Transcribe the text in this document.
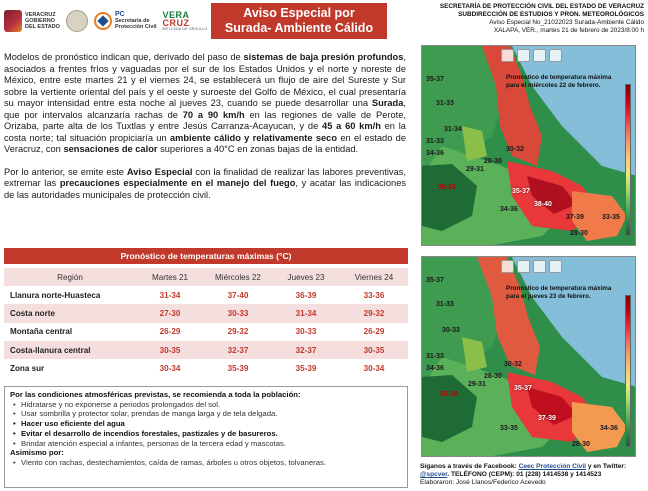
VERACRUZ
GOBIERNO
DEL ESTADO
PC
Secretaría de
Protección Civil
VERA
CRUZ
ME LLENA DE ORGULLO
Aviso Especial por
Surada- Ambiente Cálido
SECRETARÍA DE PROTECCIÓN CIVIL DEL ESTADO DE VERACRUZ
SUBDIRECCIÓN DE ESTUDIOS Y PRON. METEOROLÓGICOS
Aviso Especial No_21022023 Surada-Ambiente Cálido
XALAPA, VER., martes 21 de febrero de 2023/8:00 h

Modelos de pronóstico indican que, derivado del paso de sistemas de baja presión profundos, asociados a frentes fríos y vaguadas por el sur de los Estados Unidos y el norte y noreste de México, entre este martes 21 y el viernes 24, se establecerá un flujo de aire del Sureste y Sur sobre la vertiente oriental del país y el oeste y suroeste del Golfo de México, el cual presentaría su mayor intensidad entre esta noche al jueves 23, cuando se puede desarrollar una Surada, que por intervalos alcanzaría rachas de 70 a 90 km/h en las regiones de valle de Perote, Orizaba, parte alta de los Tuxtlas y entre Jesús Carranza-Acayucan, y de 45 a 60 km/h en la costa norte; tal situación propiciaría un ambiente cálido y relativamente seco en el estado de Veracruz, con sensaciones de calor superiores a 40°C en zonas bajas de la entidad.

Por lo anterior, se emite este Aviso Especial con la finalidad de realizar las labores preventivas, extremar las precauciones especialmente en el manejo del fuego, y acatar las indicaciones de las autoridades municipales de protección civil.

Pronóstico de temperaturas máximas (°C)
Región	Martes 21	Miércoles 22	Jueves 23	Viernes 24
Llanura norte-Huasteca	31-34	37-40	36-39	33-36
Costa norte	27-30	30-33	31-34	29-32
Montaña central	26-29	29-32	30-33	26-29
Costa-llanura central	30-35	32-37	32-37	30-35
Zona sur	30-34	35-39	35-39	30-34
Por las condiciones atmosféricas previstas, se recomienda a toda la población:
• Hidratarse y no exponerse a periodos prolongados del sol.
• Usar sombrilla y protector solar, prendas de manga larga y de tela delgada.
• Hacer uso eficiente del agua
• Evitar el desarrollo de incendios forestales, pastizales y de basureros.
• Brindar atención especial a infantes, personas de la tercera edad y mascotas.
Asimismo por:
• Viento con rachas, destechamientos, caída de ramas, árboles u otros objetos, tolvaneras.
Pronóstico de temperatura máxima para el miércoles 22 de febrero.
35-37
31-33
31-34
31-33
34-36
28-30
30-32
29-31
26-28
35-37
38-40
34-36
37-39	33-35
28-30
Pronóstico de temperatura máxima para el jueves 23 de febrero.
35-37
31-33
30-33
31-33
34-36
28-30
30-32
29-31
26-28
35-37
37-39
33-35	34-36
28-30
Síganos a través de Facebook: Ceec Protección Civil y en Twitter:
@spcver. TELÉFONO (CEPM): 01 (228) 1414538 y 1414523
Elaboraron: José Llanos/Federico Acevedo
